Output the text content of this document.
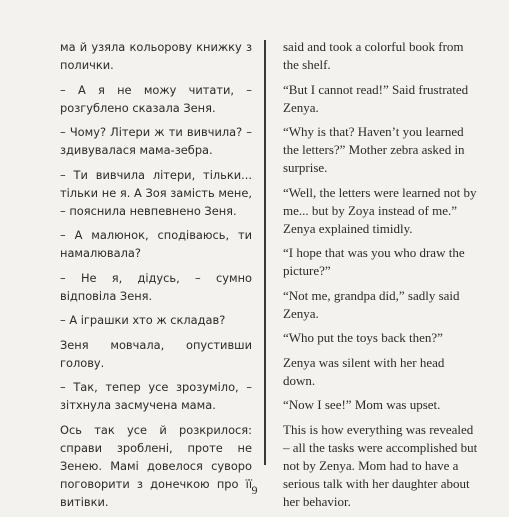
ма й узяла кольорову книжку з полички.

– А я не можу читати, – розгублено сказала Зеня.

– Чому? Літери ж ти вивчила? – здивувалася мама-зебра.

– Ти вивчила літери, тільки... тільки не я. А Зоя замість мене, – пояснила невпевнено Зеня.

– А малюнок, сподіваюсь, ти намалювала?

– Не я, дідусь, – сумно відповіла Зеня.

– А іграшки хто ж складав?

Зеня мовчала, опустивши голову.

– Так, тепер усе зрозуміло, – зітхнула засмучена мама.

Ось так усе й розкрилося: справи зроблені, проте не Зенею. Мамі довелося суворо поговорити з донечкою про її витівки.

said and took a colorful book from the shelf.

“But I cannot read!” Said frustrated Zenya.

“Why is that? Haven’t you learned the letters?” Mother zebra asked in surprise.

“Well, the letters were learned not by me... but by Zoya instead of me.” Zenya explained timidly.

“I hope that was you who draw the picture?”

“Not me, grandpa did,” sadly said Zenya.

“Who put the toys back then?”

Zenya was silent with her head down.

“Now I see!” Mom was upset.

This is how everything was revealed – all the tasks were accomplished but not by Zenya. Mom had to have a serious talk with her daughter about her behavior.

9
